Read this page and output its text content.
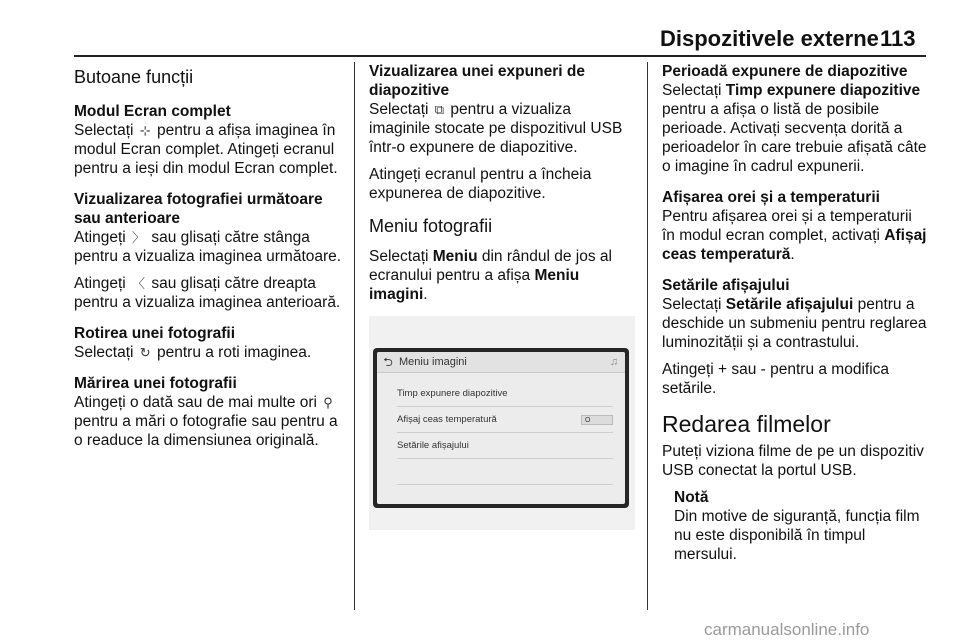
Dispozitivele externe 113
Butoane funcții

Modul Ecran complet
Selectați ⊹ pentru a afișa imaginea în modul Ecran complet. Atingeți ecranul pentru a ieși din modul Ecran complet.

Vizualizarea fotografiei următoare sau anterioare
Atingeți 〉 sau glisați către stânga pentru a vizualiza imaginea următoare.

Atingeți 〈 sau glisați către dreapta pentru a vizualiza imaginea anterioară.

Rotirea unei fotografii
Selectați ↻ pentru a roti imaginea.

Mărirea unei fotografii
Atingeți o dată sau de mai multe ori ⚲ pentru a mări o fotografie sau pentru a o readuce la dimensiunea originală.

Vizualizarea unei expuneri de diapozitive
Selectați ⧉ pentru a vizualiza imaginile stocate pe dispozitivul USB într-o expunere de diapozitive.

Atingeți ecranul pentru a încheia expunerea de diapozitive.

Meniu fotografii

Selectați Meniu din rândul de jos al ecranului pentru a afișa Meniu imagini.

⮌ Meniu imagini	♫
Timp expunere diapozitive
Afișaj ceas temperatură	O
Setările afișajului

Perioadă expunere de diapozitive
Selectați Timp expunere diapozitive pentru a afișa o listă de posibile perioade. Activați secvența dorită a perioadelor în care trebuie afișată câte o imagine în cadrul expunerii.

Afișarea orei și a temperaturii
Pentru afișarea orei și a temperaturii în modul ecran complet, activați Afișaj ceas temperatură.

Setările afișajului
Selectați Setările afișajului pentru a deschide un submeniu pentru reglarea luminozității și a contrastului.

Atingeți + sau - pentru a modifica setările.

Redarea filmelor

Puteți viziona filme de pe un dispozitiv USB conectat la portul USB.

Notă
Din motive de siguranță, funcția film nu este disponibilă în timpul mersului.
carmanualsonline.info
